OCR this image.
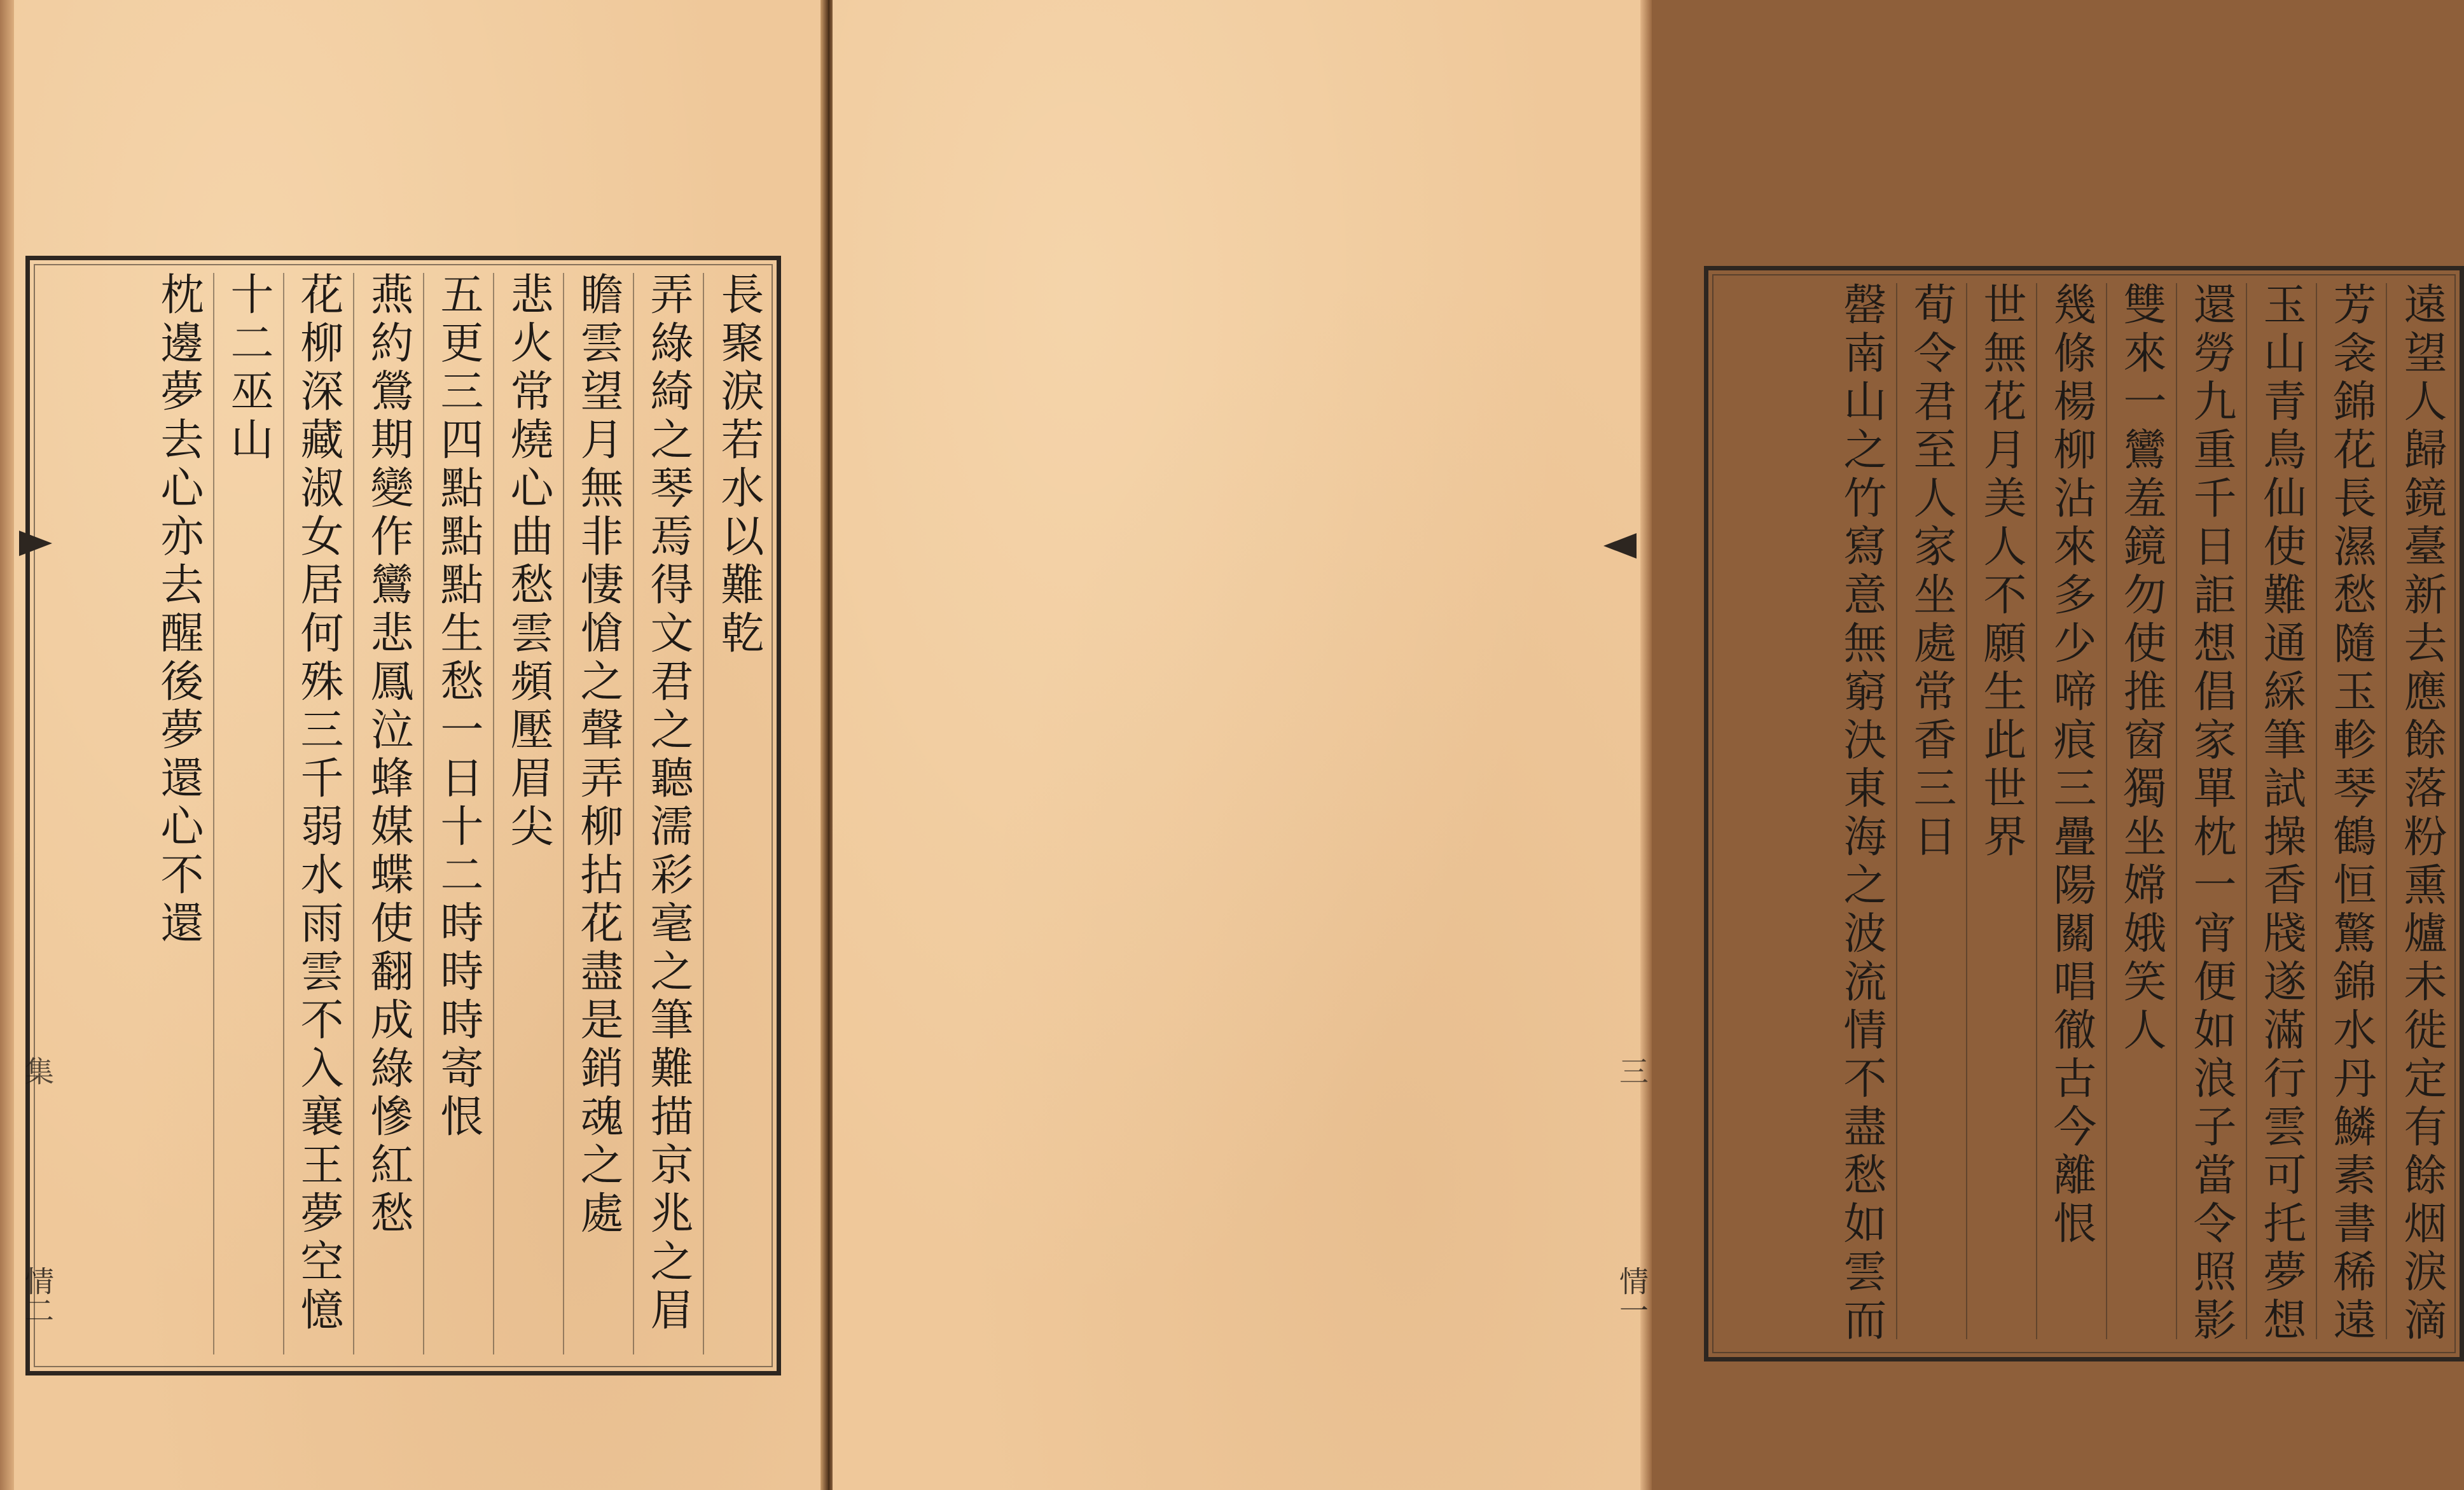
長聚淚若水以難乾
弄綠綺之琴焉得文君之聽濡彩毫之筆難描京兆之眉
瞻雲望月無非悽愴之聲弄柳拈花盡是銷魂之處
悲火常燒心曲愁雲頻壓眉尖
五更三四點點點生愁一日十二時時時寄恨
燕約鶯期變作鸞悲鳳泣蜂媒蝶使翻成綠慘紅愁
花柳深藏淑女居何殊三千弱水雨雲不入襄王夢空憶
十二巫山
枕邊夢去心亦去醒後夢還心不還
集
情二	遠望人歸鏡臺新去應餘落粉熏爐未徙定有餘烟淚滴
芳衾錦花長濕愁隨玉軫琴鶴恒驚錦水丹鱗素書稀遠
玉山青鳥仙使難通綵筆試操香牋遂滿行雲可托夢想
還勞九重千日詎想倡家單枕一宵便如浪子當令照影
雙來一鸞羞鏡勿使推窗獨坐嫦娥笑人
幾條楊柳沾來多少啼痕三疊陽關唱徹古今離恨
世無花月美人不願生此世界
荀令君至人家坐處常香三日
罄南山之竹寫意無窮決東海之波流情不盡愁如雲而
三
情一
